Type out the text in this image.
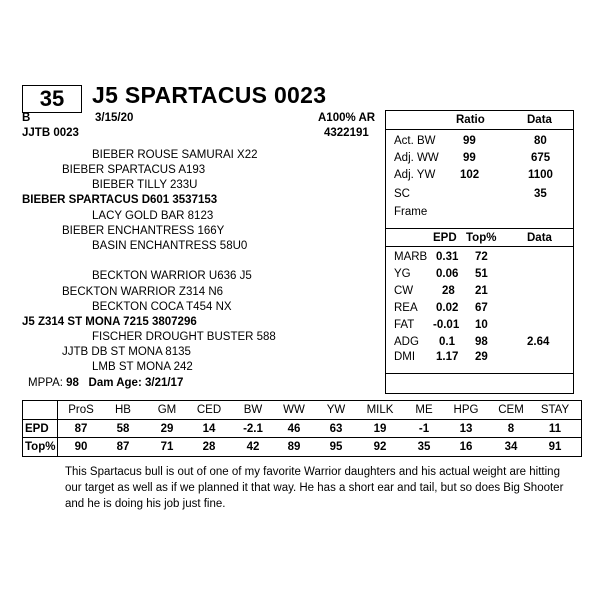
35	J5 SPARTACUS 0023
B	3/15/20
JJTB 0023
A100% AR
4322191
BIEBER ROUSE SAMURAI X22
BIEBER SPARTACUS A193
BIEBER TILLY 233U
BIEBER SPARTACUS D601 3537153
LACY GOLD BAR 8123
BIEBER ENCHANTRESS 166Y
BASIN ENCHANTRESS 58U0
BECKTON WARRIOR U636 J5
BECKTON WARRIOR Z314 N6
BECKTON COCA T454 NX
J5 Z314 ST MONA 7215 3807296
FISCHER DROUGHT BUSTER 588
JJTB DB ST MONA 8135
LMB ST MONA 242
MPPA: 98 Dam Age: 3/21/17
Ratio	Data
Act. BW 99	80
Adj. WW 99	675
Adj. YW 102	1100
SC	35
Frame
EPD Top%	Data
MARB 0.31 72
YG 0.06 51
CW	28 21
REA 0.02 67
FAT -0.01 10
ADG 0.1 98	2.64
DMI 1.17 29
ProS	HB	GM	CED	BW	WW	YW	MILK	ME	HPG	CEM	STAY
EPD	87	58	29	14	-2.1	46	63	19	-1	13	8	11
Top%	90	87	71	28	42	89	95	92	35	16	34	91
This Spartacus bull is out of one of my favorite Warrior daughters and his actual weight are hitting our target as well as if we planned it that way. He has a short ear and tail, but so does Big Shooter and he is doing his job just fine.
